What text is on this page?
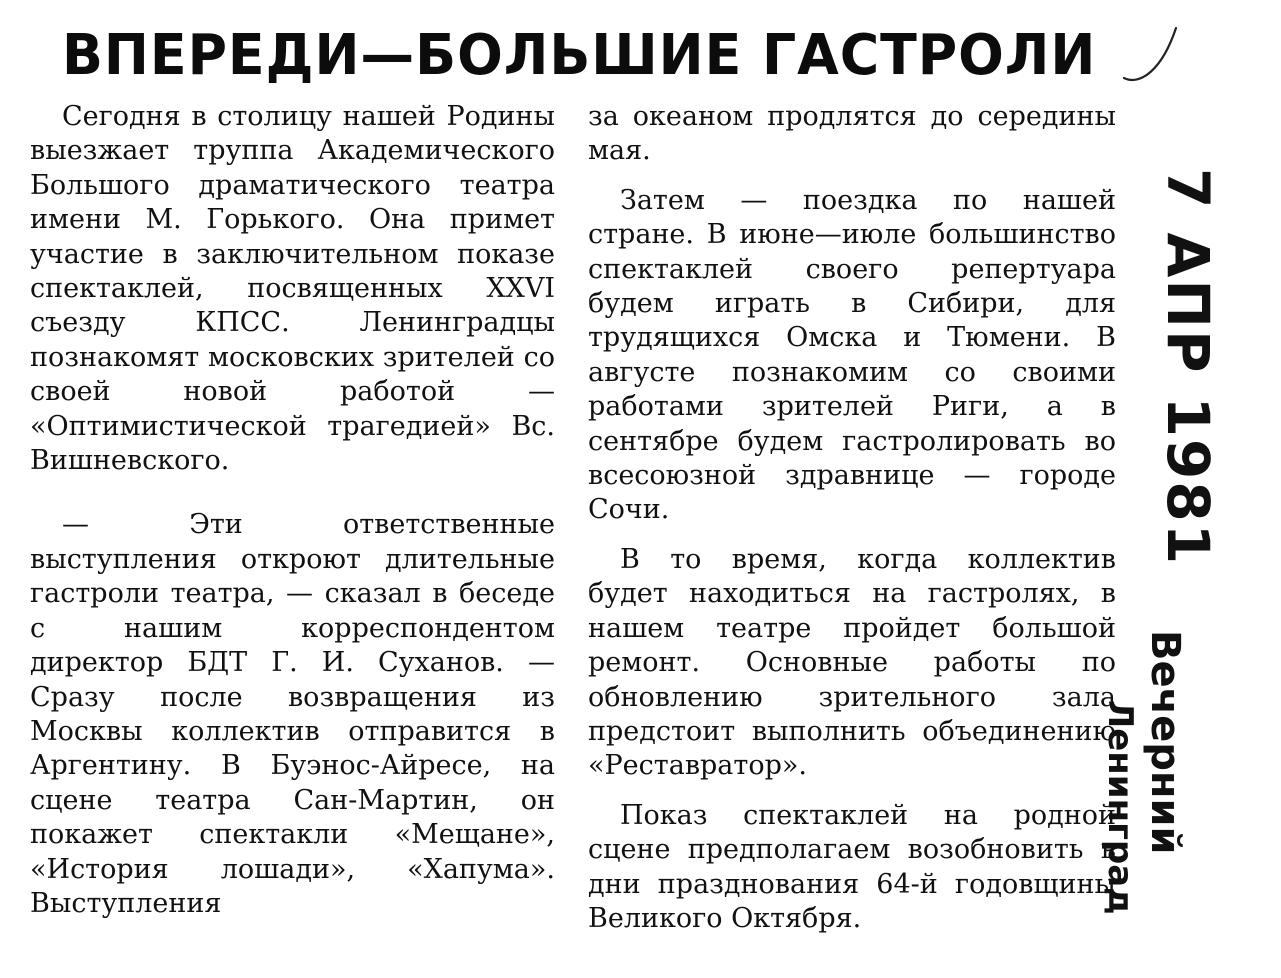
ВПЕРЕДИ—БОЛЬШИЕ ГАСТРОЛИ

Сегодня в столицу нашей Родины выезжает труппа Академического Большого драматического театра имени М. Горького. Она примет участие в заключительном показе спектаклей, посвященных XXVI съезду КПСС. Ленинградцы познакомят московских зрителей со своей новой работой — «Оптимистической трагедией» Вс. Вишневского.

— Эти ответственные выступления откроют длительные гастроли театра, — сказал в беседе с нашим корреспондентом директор БДТ Г. И. Суханов. — Сразу после возвращения из Москвы коллектив отправится в Аргентину. В Буэнос-Айресе, на сцене театра Сан-Мартин, он покажет спектакли «Мещане», «История лошади», «Хапума». Выступления

за океаном продлятся до середины мая.

Затем — поездка по нашей стране. В июне—июле большинство спектаклей своего репертуара будем играть в Сибири, для трудящихся Омска и Тюмени. В августе познакомим со своими работами зрителей Риги, а в сентябре будем гастролировать во всесоюзной здравнице — городе Сочи.

В то время, когда коллектив будет находиться на гастролях, в нашем театре пройдет большой ремонт. Основные работы по обновлению зрительного зала предстоит выполнить объединению «Реставратор».

Показ спектаклей на родной сцене предполагаем возобновить в дни празднования 64-й годовщины Великого Октября.

7 АПР 1981
Вечерний
Ленинград
